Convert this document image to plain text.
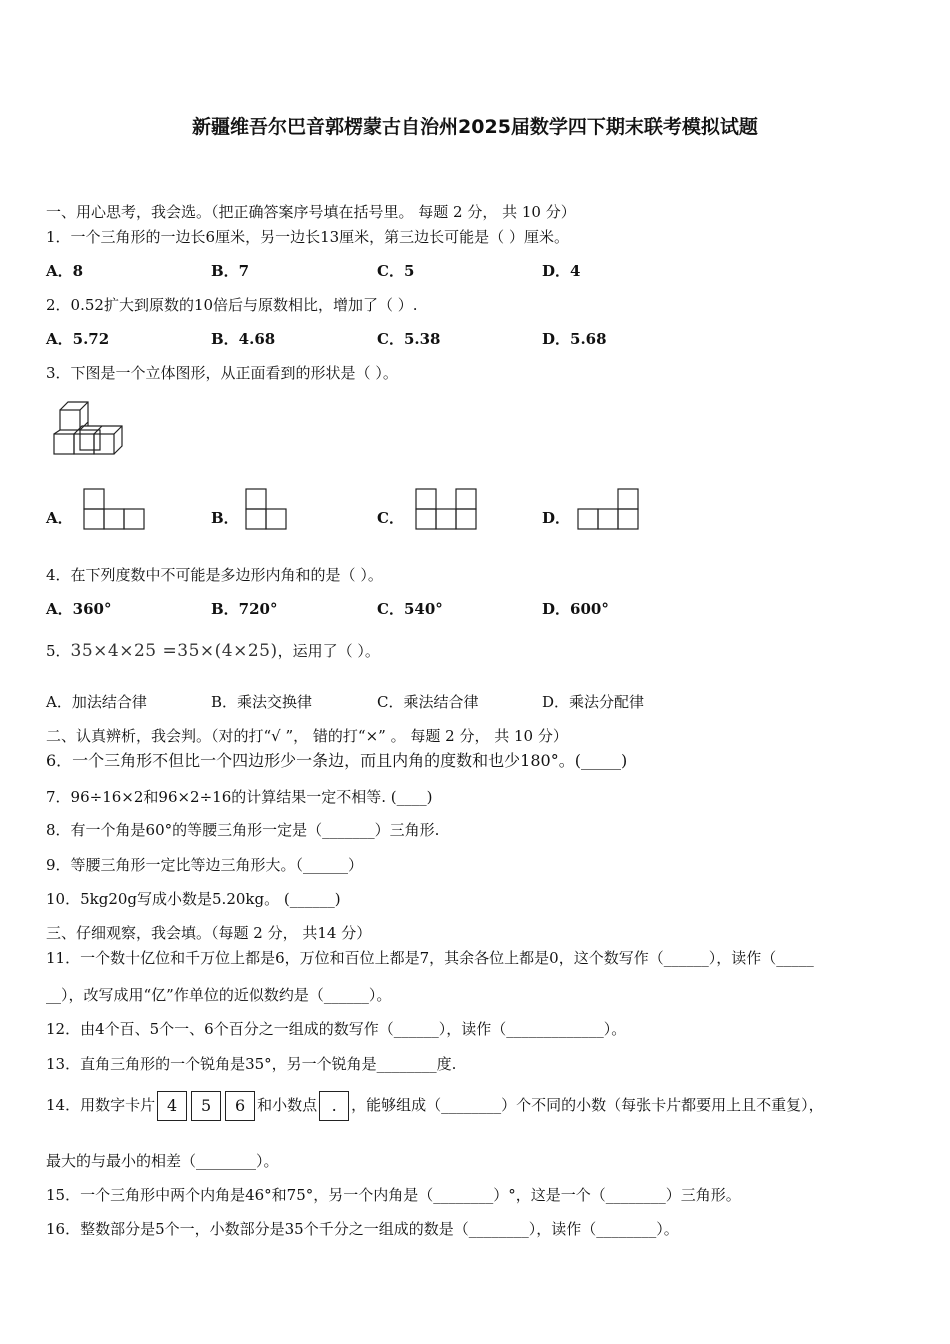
新疆维吾尔巴音郭楞蒙古自治州2025届数学四下期末联考模拟试题
一、用心思考，我会选。（把正确答案序号填在括号里。 每题 2 分， 共 10 分）
1．一个三角形的一边长6厘米，另一边长13厘米，第三边长可能是（ ）厘米。
A．8	B．7	C．5	D．4
2．0.52扩大到原数的10倍后与原数相比，增加了（ ）.
A．5.72	B．4.68	C．5.38	D．5.68
3．下图是一个立体图形，从正面看到的形状是（ ）。
A．	B．	C．	D．
4．在下列度数中不可能是多边形内角和的是（ ）。
A．360°	B．720°	C．540°	D．600°
5．35×4×25 =35×(4×25)，运用了（ ）。
A．加法结合律	B．乘法交换律	C．乘法结合律	D．乘法分配律
二、认真辨析，我会判。（对的打“√ ”， 错的打“×” 。 每题 2 分， 共 10 分）
6．一个三角形不但比一个四边形少一条边，而且内角的度数和也少180°。(_____)
7．96÷16×2和96×2÷16的计算结果一定不相等. (____)
8．有一个角是60°的等腰三角形一定是（_______）三角形.
9．等腰三角形一定比等边三角形大。（______）
10．5kg20g写成小数是5.20kg。 (______)
三、仔细观察，我会填。（每题 2 分， 共14 分）
11．一个数十亿位和千万位上都是6，万位和百位上都是7，其余各位上都是0，这个数写作（______），读作（_____
__），改写成用“亿”作单位的近似数约是（______）。
12．由4个百、5个一、6个百分之一组成的数写作（______），读作（_____________）。
13．直角三角形的一个锐角是35°，另一个锐角是________度.
14．用数字卡片 4 5 6 和小数点 . ，能够组成（________）个不同的小数（每张卡片都要用上且不重复），
最大的与最小的相差（________）。
15．一个三角形中两个内角是46°和75°，另一个内角是（________）°，这是一个（________）三角形。
16．整数部分是5个一，小数部分是35个千分之一组成的数是（________），读作（________）。
